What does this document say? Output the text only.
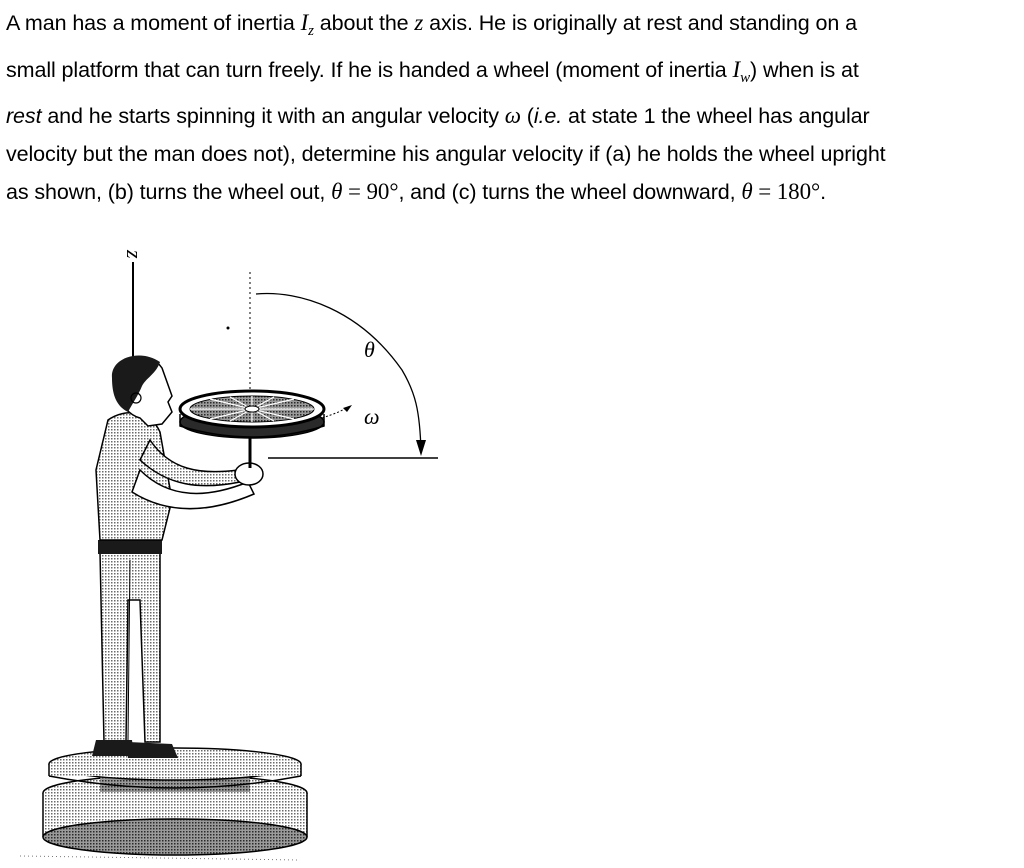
A man has a moment of inertia $I_z$ about the z axis. He is originally at rest and standing on a
small platform that can turn freely. If he is handed a wheel (moment of inertia $I_w$) when is at
rest and he starts spinning it with an angular velocity ω (i.e. at state 1 the wheel has angular
velocity but the man does not), determine his angular velocity if (a) he holds the wheel upright
as shown, (b) turns the wheel out, θ = 90°, and (c) turns the wheel downward, θ = 180°.
z
θ
ω
